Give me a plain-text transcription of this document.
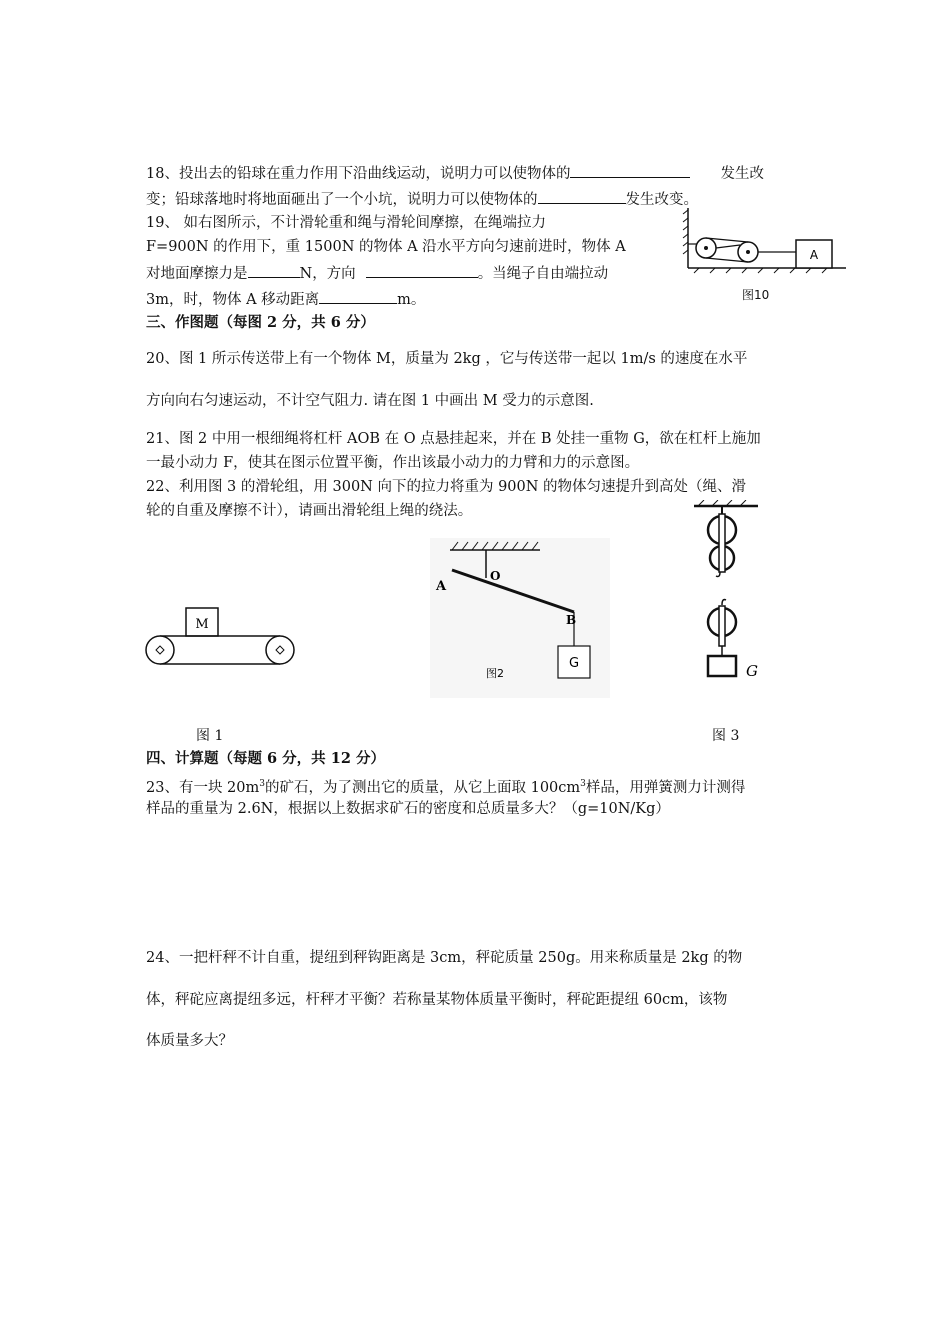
18、投出去的铅球在重力作用下沿曲线运动，说明力可以使物体的	发生改
变；铅球落地时将地面砸出了一个小坑，说明力可以使物体的	发生改变。
19、 如右图所示，不计滑轮重和绳与滑轮间摩擦，在绳端拉力
F=900N 的作用下，重 1500N 的物体 A 沿水平方向匀速前进时，物体 A
对地面摩擦力是	N，方向	。当绳子自由端拉动
3m，时，物体 A 移动距离	m。
A
图10
三、作图题（每图 2 分，共 6 分）
20、图 1 所示传送带上有一个物体 M，质量为 2kg ，它与传送带一起以 1m/s 的速度在水平
方向向右匀速运动，不计空气阻力. 请在图 1 中画出 M 受力的示意图.
21、图 2 中用一根细绳将杠杆 AOB 在 O 点悬挂起来，并在 B 处挂一重物 G，欲在杠杆上施加
一最小动力 F，使其在图示位置平衡，作出该最小动力的力臂和力的示意图。
22、利用图 3 的滑轮组，用 300N 向下的拉力将重为 900N 的物体匀速提升到高处（绳、滑
轮的自重及摩擦不计），请画出滑轮组上绳的绕法。
M
图 1
G
A
O
B
图2	G
图 3
四、计算题（每题 6 分，共 12 分）
23、有一块 $20m^3$的矿石，为了测出它的质量，从它上面取 $100cm^3$样品，用弹簧测力计测得
样品的重量为 2.6N，根据以上数据求矿石的密度和总质量多大？（g=10N/Kg）
24、一把杆秤不计自重，提纽到秤钩距离是 3cm，秤砣质量 250g。用来称质量是 2kg 的物
体，秤砣应离提纽多远，杆秤才平衡？若称量某物体质量平衡时，秤砣距提纽 60cm，该物
体质量多大？
